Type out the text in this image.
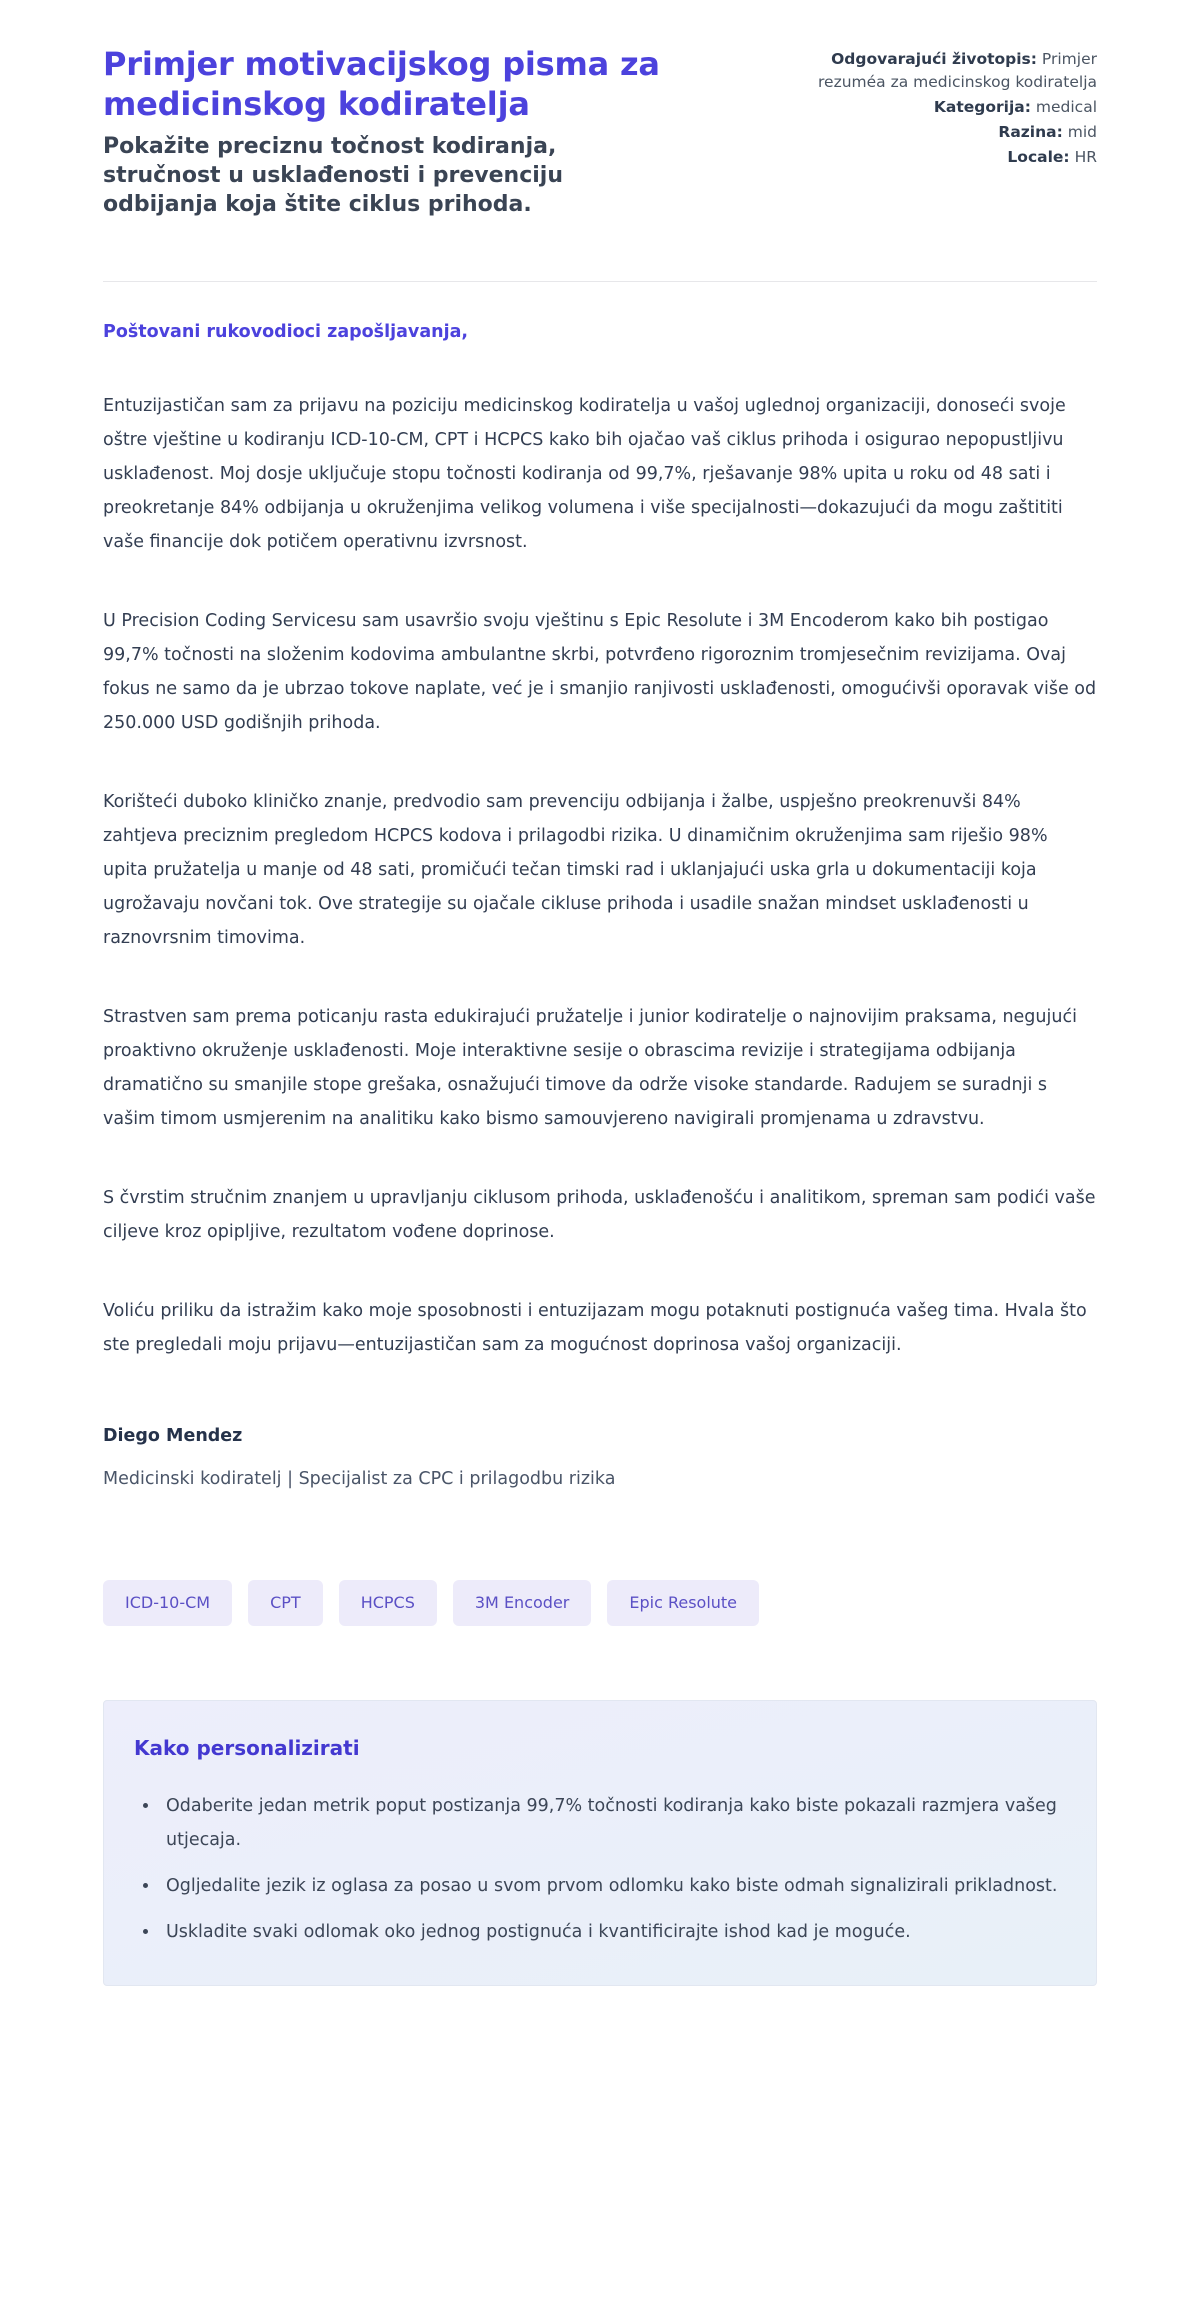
Primjer motivacijskog pisma za medicinskog kodiratelja

Pokažite preciznu točnost kodiranja, stručnost u usklađenosti i prevenciju odbijanja koja štite ciklus prihoda.

Odgovarajući životopis: Primjer rezuméa za medicinskog kodiratelja
Kategorija: medical
Razina: mid
Locale: HR

Poštovani rukovodioci zapošljavanja,

Entuzijastičan sam za prijavu na poziciju medicinskog kodiratelja u vašoj uglednoj organizaciji, donoseći svoje oštre vještine u kodiranju ICD-10-CM, CPT i HCPCS kako bih ojačao vaš ciklus prihoda i osigurao nepopustljivu usklađenost. Moj dosje uključuje stopu točnosti kodiranja od 99,7%, rješavanje 98% upita u roku od 48 sati i preokretanje 84% odbijanja u okruženjima velikog volumena i više specijalnosti—dokazujući da mogu zaštititi vaše financije dok potičem operativnu izvrsnost.

U Precision Coding Servicesu sam usavršio svoju vještinu s Epic Resolute i 3M Encoderom kako bih postigao 99,7% točnosti na složenim kodovima ambulantne skrbi, potvrđeno rigoroznim tromjesečnim revizijama. Ovaj fokus ne samo da je ubrzao tokove naplate, već je i smanjio ranjivosti usklađenosti, omogućivši oporavak više od 250.000 USD godišnjih prihoda.

Korišteći duboko kliničko znanje, predvodio sam prevenciju odbijanja i žalbe, uspješno preokrenuvši 84% zahtjeva preciznim pregledom HCPCS kodova i prilagodbi rizika. U dinamičnim okruženjima sam riješio 98% upita pružatelja u manje od 48 sati, promičući tečan timski rad i uklanjajući uska grla u dokumentaciji koja ugrožavaju novčani tok. Ove strategije su ojačale cikluse prihoda i usadile snažan mindset usklađenosti u raznovrsnim timovima.

Strastven sam prema poticanju rasta edukirajući pružatelje i junior kodiratelje o najnovijim praksama, negujući proaktivno okruženje usklađenosti. Moje interaktivne sesije o obrascima revizije i strategijama odbijanja dramatično su smanjile stope grešaka, osnažujući timove da održe visoke standarde. Radujem se suradnji s vašim timom usmjerenim na analitiku kako bismo samouvjereno navigirali promjenama u zdravstvu.

S čvrstim stručnim znanjem u upravljanju ciklusom prihoda, usklađenošću i analitikom, spreman sam podići vaše ciljeve kroz opipljive, rezultatom vođene doprinose.

Voliću priliku da istražim kako moje sposobnosti i entuzijazam mogu potaknuti postignuća vašeg tima. Hvala što ste pregledali moju prijavu—entuzijastičan sam za mogućnost doprinosa vašoj organizaciji.

Diego Mendez

Medicinski kodiratelj | Specijalist za CPC i prilagodbu rizika

ICD-10-CM	CPT	HCPCS	3M Encoder	Epic Resolute
Kako personalizirati
• Odaberite jedan metrik poput postizanja 99,7% točnosti kodiranja kako biste pokazali razmjera vašeg utjecaja.
• Ogljedalite jezik iz oglasa za posao u svom prvom odlomku kako biste odmah signalizirali prikladnost.
• Uskladite svaki odlomak oko jednog postignuća i kvantificirajte ishod kad je moguće.
